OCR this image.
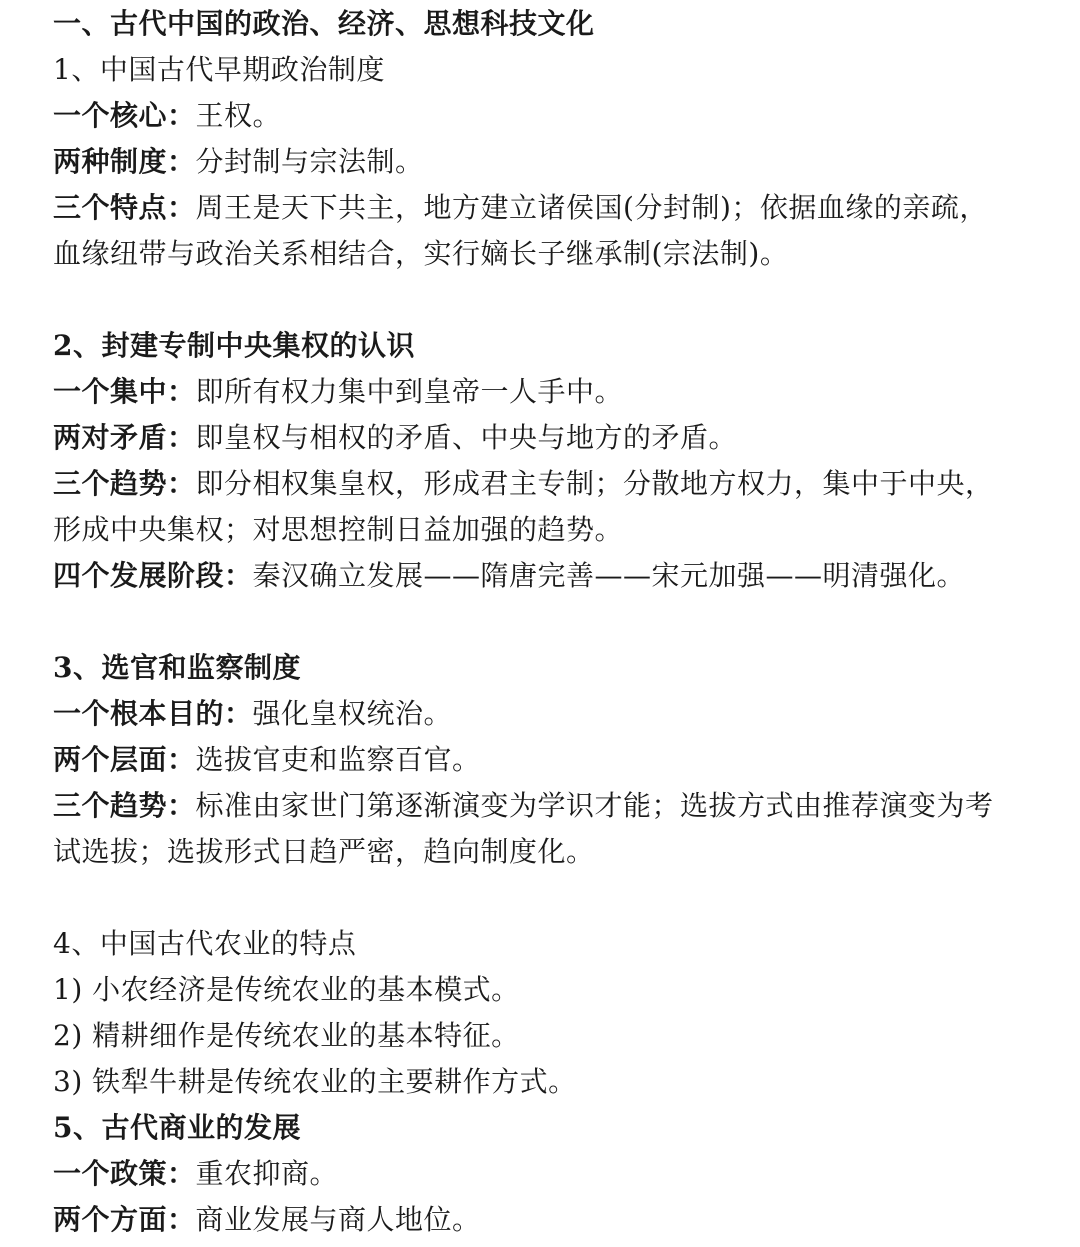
一、古代中国的政治、经济、思想科技文化
1、中国古代早期政治制度
一个核心：王权。
两种制度：分封制与宗法制。
三个特点：周王是天下共主，地方建立诸侯国(分封制)；依据血缘的亲疏，
血缘纽带与政治关系相结合，实行嫡长子继承制(宗法制)。
2、封建专制中央集权的认识
一个集中：即所有权力集中到皇帝一人手中。
两对矛盾：即皇权与相权的矛盾、中央与地方的矛盾。
三个趋势：即分相权集皇权，形成君主专制；分散地方权力，集中于中央，
形成中央集权；对思想控制日益加强的趋势。
四个发展阶段：秦汉确立发展——隋唐完善——宋元加强——明清强化。
3、选官和监察制度
一个根本目的：强化皇权统治。
两个层面：选拔官吏和监察百官。
三个趋势：标准由家世门第逐渐演变为学识才能；选拔方式由推荐演变为考
试选拔；选拔形式日趋严密，趋向制度化。
4、中国古代农业的特点
1) 小农经济是传统农业的基本模式。
2) 精耕细作是传统农业的基本特征。
3) 铁犁牛耕是传统农业的主要耕作方式。
5、古代商业的发展
一个政策：重农抑商。
两个方面：商业发展与商人地位。
